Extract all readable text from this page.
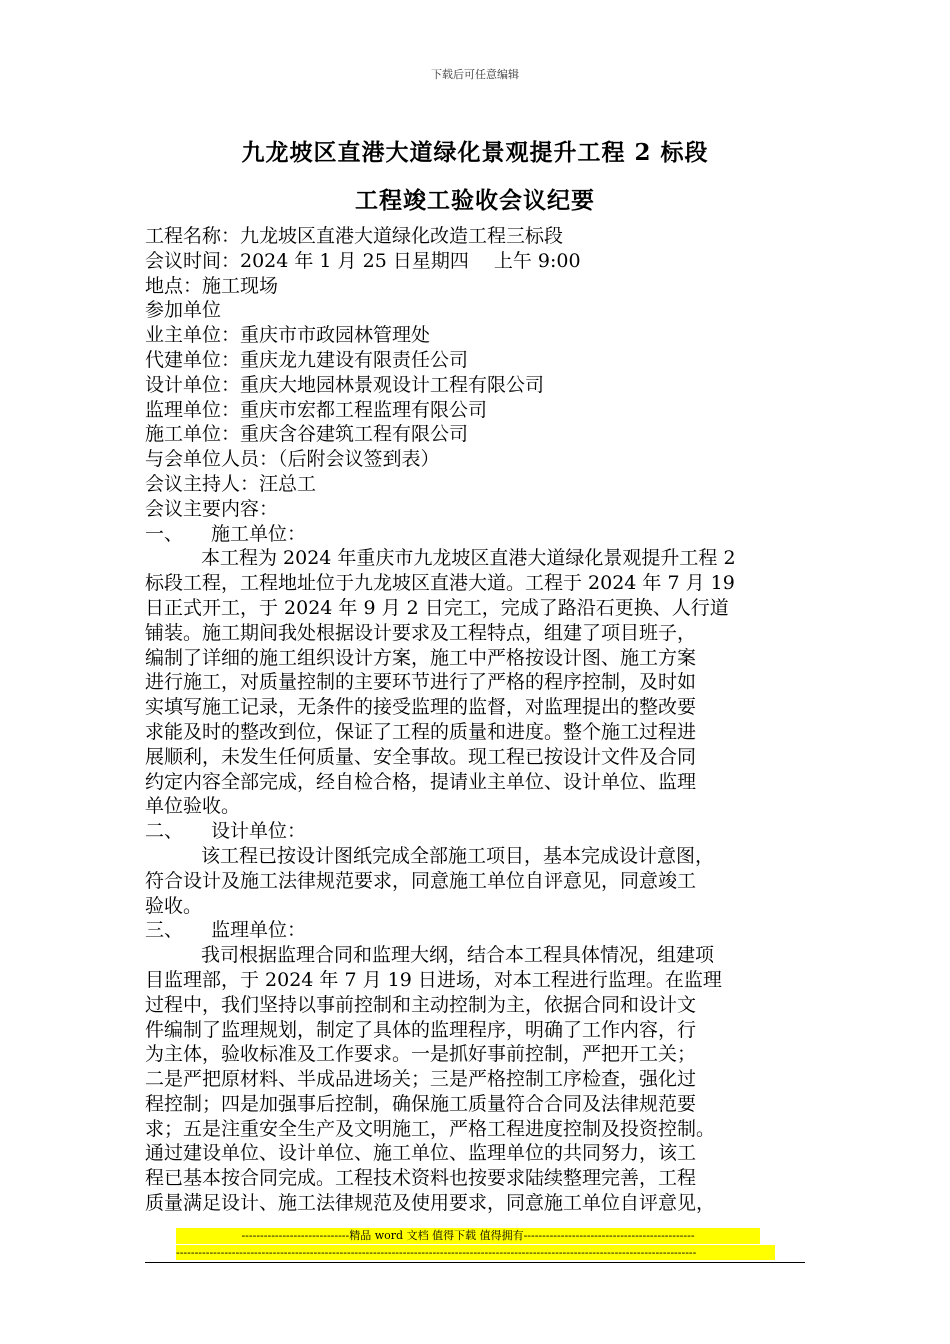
下载后可任意编辑
九龙坡区直港大道绿化景观提升工程 2 标段
工程竣工验收会议纪要
工程名称：九龙坡区直港大道绿化改造工程三标段
会议时间：2024 年 1 月 25 日星期四　 上午 9:00
地点：施工现场
参加单位
业主单位：重庆市市政园林管理处
代建单位：重庆龙九建设有限责任公司
设计单位：重庆大地园林景观设计工程有限公司
监理单位：重庆市宏都工程监理有限公司
施工单位：重庆含谷建筑工程有限公司
与会单位人员：（后附会议签到表）
会议主持人：汪总工
会议主要内容：
一、 施工单位：
本工程为 2024 年重庆市九龙坡区直港大道绿化景观提升工程 2
标段工程，工程地址位于九龙坡区直港大道。工程于 2024 年 7 月 19
日正式开工，于 2024 年 9 月 2 日完工，完成了路沿石更换、人行道
铺装。施工期间我处根据设计要求及工程特点，组建了项目班子，
编制了详细的施工组织设计方案，施工中严格按设计图、施工方案
进行施工，对质量控制的主要环节进行了严格的程序控制，及时如
实填写施工记录，无条件的接受监理的监督，对监理提出的整改要
求能及时的整改到位，保证了工程的质量和进度。整个施工过程进
展顺利，未发生任何质量、安全事故。现工程已按设计文件及合同
约定内容全部完成，经自检合格，提请业主单位、设计单位、监理
单位验收。
二、 设计单位：
该工程已按设计图纸完成全部施工项目，基本完成设计意图，
符合设计及施工法律规范要求，同意施工单位自评意见，同意竣工
验收。
三、 监理单位：
我司根据监理合同和监理大纲，结合本工程具体情况，组建项
目监理部，于 2024 年 7 月 19 日进场，对本工程进行监理。在监理
过程中，我们坚持以事前控制和主动控制为主，依据合同和设计文
件编制了监理规划，制定了具体的监理程序，明确了工作内容，行
为主体，验收标准及工作要求。一是抓好事前控制，严把开工关；
二是严把原材料、半成品进场关；三是严格控制工序检查，强化过
程控制；四是加强事后控制，确保施工质量符合合同及法律规范要
求；五是注重安全生产及文明施工，严格工程进度控制及投资控制。
通过建设单位、设计单位、施工单位、监理单位的共同努力，该工
程已基本按合同完成。工程技术资料也按要求陆续整理完善，工程
质量满足设计、施工法律规范及使用要求，同意施工单位自评意见，
-----------------------------精品 word 文档 值得下载 值得拥有----------------------------------------------
--------------------------------------------------------------------------------------------------------------------------------------------
